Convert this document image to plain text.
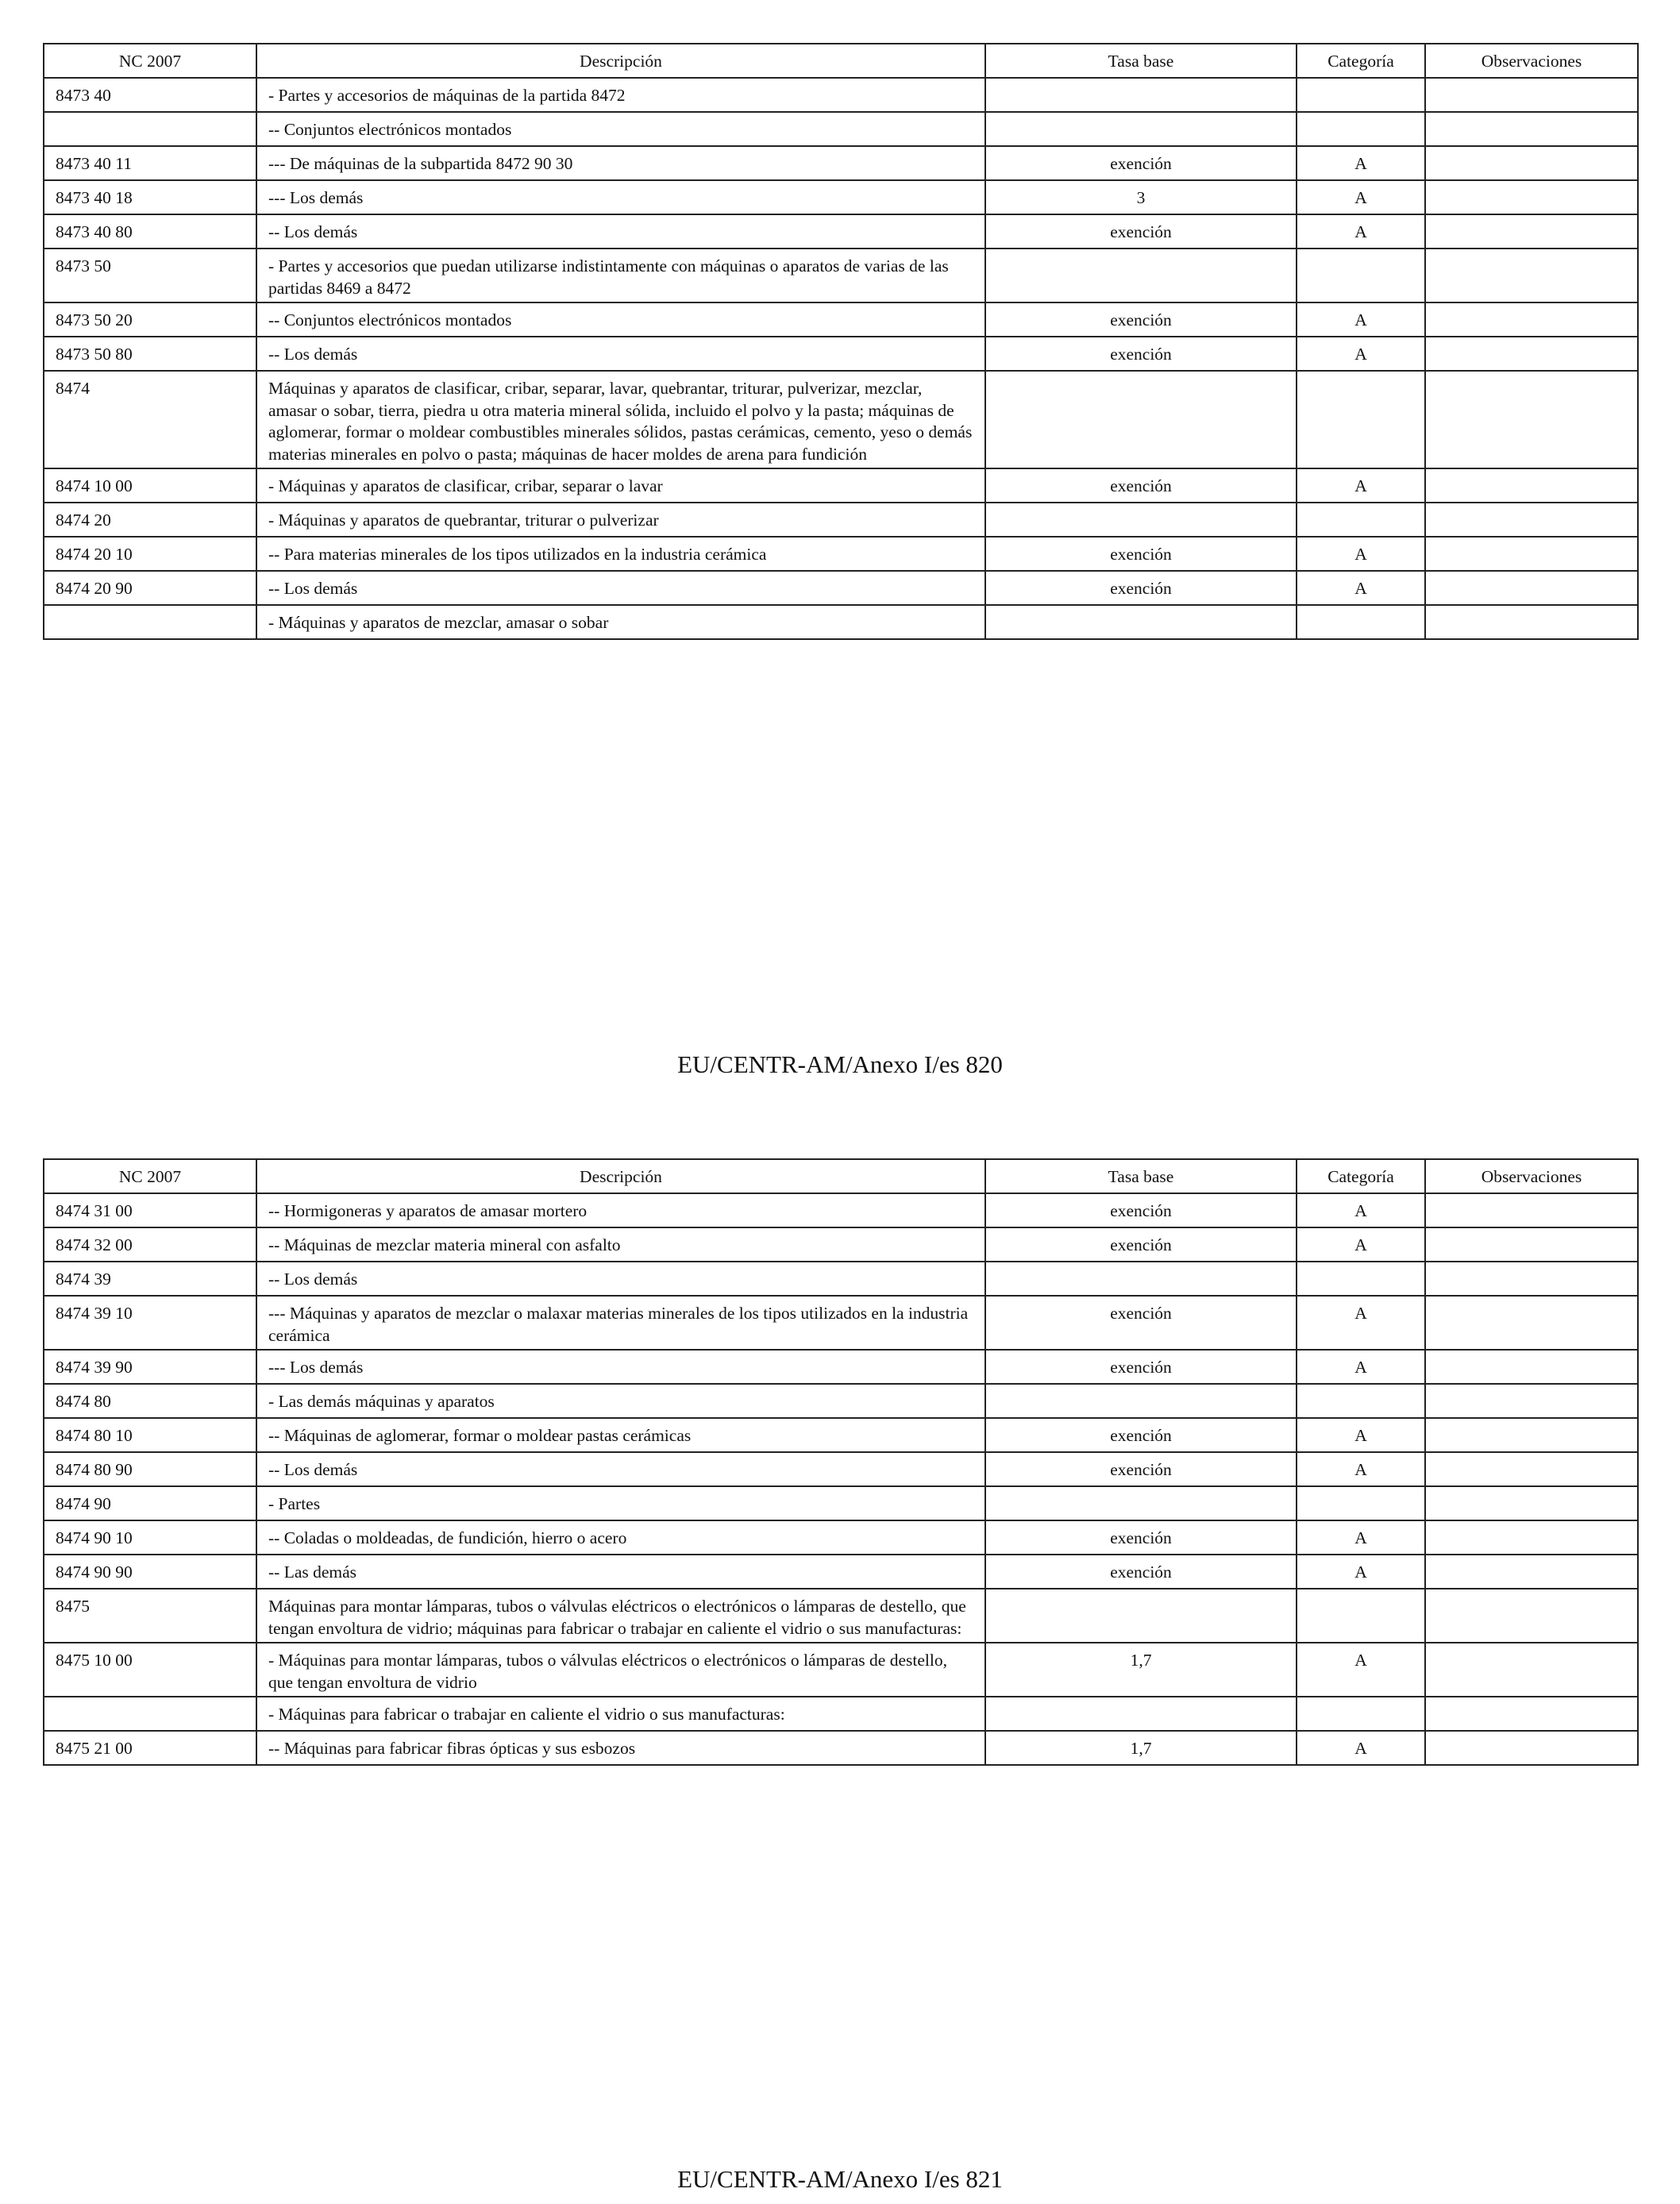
NC 2007	Descripción	Tasa base	Categoría	Observaciones
8473 40	- Partes y accesorios de máquinas de la partida 8472			
	-- Conjuntos electrónicos montados			
8473 40 11	--- De máquinas de la subpartida 8472 90 30	exención	A	
8473 40 18	--- Los demás	3	A	
8473 40 80	-- Los demás	exención	A	
8473 50	- Partes y accesorios que puedan utilizarse indistintamente con máquinas o aparatos de varias de las partidas 8469 a 8472			
8473 50 20	-- Conjuntos electrónicos montados	exención	A	
8473 50 80	-- Los demás	exención	A	
8474	Máquinas y aparatos de clasificar, cribar, separar, lavar, quebrantar, triturar, pulverizar, mezclar, amasar o sobar, tierra, piedra u otra materia mineral sólida, incluido el polvo y la pasta; máquinas de aglomerar, formar o moldear combustibles minerales sólidos, pastas cerámicas, cemento, yeso o demás materias minerales en polvo o pasta; máquinas de hacer moldes de arena para fundición			
8474 10 00	- Máquinas y aparatos de clasificar, cribar, separar o lavar	exención	A	
8474 20	- Máquinas y aparatos de quebrantar, triturar o pulverizar			
8474 20 10	-- Para materias minerales de los tipos utilizados en la industria cerámica	exención	A	
8474 20 90	-- Los demás	exención	A	
	- Máquinas y aparatos de mezclar, amasar o sobar			
EU/CENTR-AM/Anexo I/es 820
NC 2007	Descripción	Tasa base	Categoría	Observaciones
8474 31 00	-- Hormigoneras y aparatos de amasar mortero	exención	A	
8474 32 00	-- Máquinas de mezclar materia mineral con asfalto	exención	A	
8474 39	-- Los demás			
8474 39 10	--- Máquinas y aparatos de mezclar o malaxar materias minerales de los tipos utilizados en la industria cerámica	exención	A	
8474 39 90	--- Los demás	exención	A	
8474 80	- Las demás máquinas y aparatos			
8474 80 10	-- Máquinas de aglomerar, formar o moldear pastas cerámicas	exención	A	
8474 80 90	-- Los demás	exención	A	
8474 90	- Partes			
8474 90 10	-- Coladas o moldeadas, de fundición, hierro o acero	exención	A	
8474 90 90	-- Las demás	exención	A	
8475	Máquinas para montar lámparas, tubos o válvulas eléctricos o electrónicos o lámparas de destello, que tengan envoltura de vidrio; máquinas para fabricar o trabajar en caliente el vidrio o sus manufacturas:			
8475 10 00	- Máquinas para montar lámparas, tubos o válvulas eléctricos o electrónicos o lámparas de destello, que tengan envoltura de vidrio	1,7	A	
	- Máquinas para fabricar o trabajar en caliente el vidrio o sus manufacturas:			
8475 21 00	-- Máquinas para fabricar fibras ópticas y sus esbozos	1,7	A	
EU/CENTR-AM/Anexo I/es 821
